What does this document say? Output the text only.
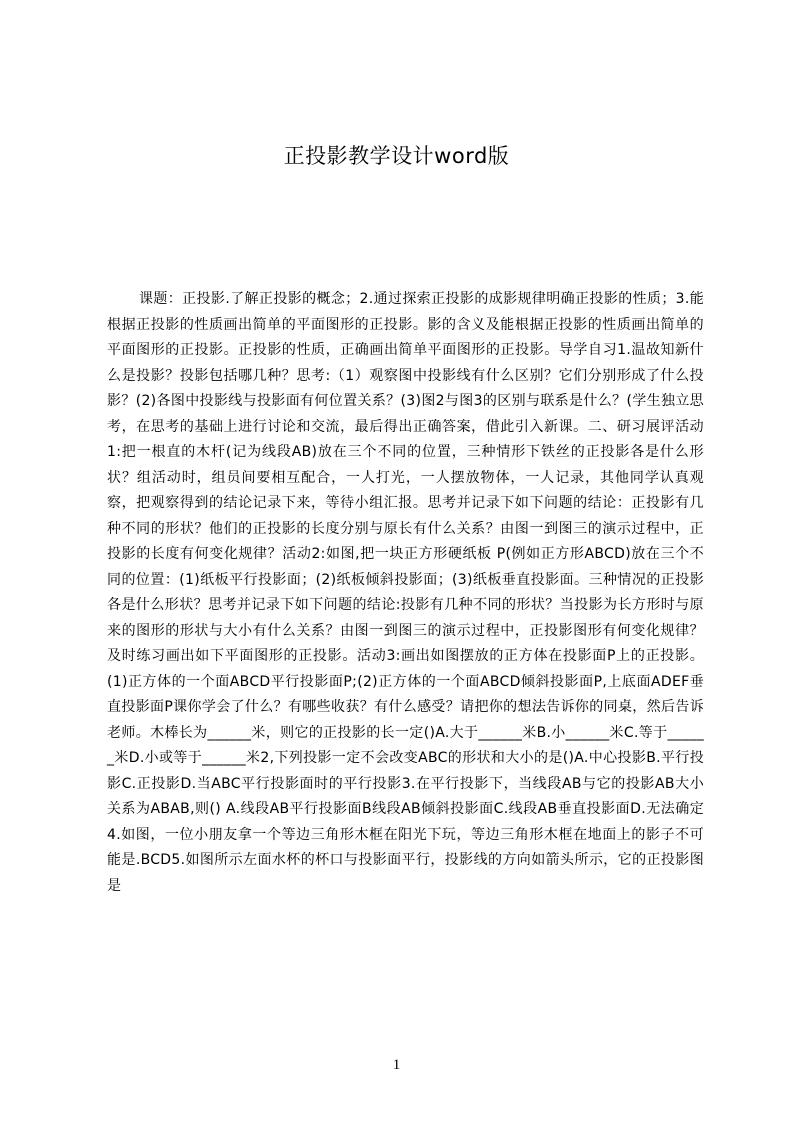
正投影教学设计word版

课题：正投影.了解正投影的概念；2.通过探索正投影的成影规律明确正投影的性质；3.能根据正投影的性质画出简单的平面图形的正投影。影的含义及能根据正投影的性质画出简单的平面图形的正投影。正投影的性质，正确画出简单平面图形的正投影。导学自习1.温故知新什么是投影？投影包括哪几种？思考:（1）观察图中投影线有什么区别？它们分别形成了什么投影？(2)各图中投影线与投影面有何位置关系？(3)图2与图3的区别与联系是什么？(学生独立思考，在思考的基础上进行讨论和交流，最后得出正确答案，借此引入新课。二、研习展评活动1:把一根直的木杆(记为线段AB)放在三个不同的位置，三种情形下铁丝的正投影各是什么形状？组活动时，组员间要相互配合，一人打光，一人摆放物体，一人记录，其他同学认真观察，把观察得到的结论记录下来，等待小组汇报。思考并记录下如下问题的结论：正投影有几种不同的形状？他们的正投影的长度分别与原长有什么关系？由图一到图三的演示过程中，正投影的长度有何变化规律？活动2:如图,把一块正方形硬纸板 P(例如正方形ABCD)放在三个不同的位置：(1)纸板平行投影面；(2)纸板倾斜投影面；(3)纸板垂直投影面。三种情况的正投影各是什么形状？思考并记录下如下问题的结论:投影有几种不同的形状？当投影为长方形时与原来的图形的形状与大小有什么关系？由图一到图三的演示过程中，正投影图形有何变化规律？及时练习画出如下平面图形的正投影。活动3:画出如图摆放的正方体在投影面P上的正投影。(1)正方体的一个面ABCD平行投影面P;(2)正方体的一个面ABCD倾斜投影面P,上底面ADEF垂直投影面P课你学会了什么？有哪些收获？有什么感受？请把你的想法告诉你的同桌，然后告诉老师。木棒长为______米，则它的正投影的长一定()A.大于______米B.小______米C.等于______米D.小或等于______米2,下列投影一定不会改变ABC的形状和大小的是()A.中心投影B.平行投影C.正投影D.当ABC平行投影面时的平行投影3.在平行投影下，当线段AB与它的投影AB大小关系为ABAB,则() A.线段AB平行投影面B线段AB倾斜投影面C.线段AB垂直投影面D.无法确定4.如图，一位小朋友拿一个等边三角形木框在阳光下玩，等边三角形木框在地面上的影子不可能是.BCD5.如图所示左面水杯的杯口与投影面平行，投影线的方向如箭头所示，它的正投影图是

1
